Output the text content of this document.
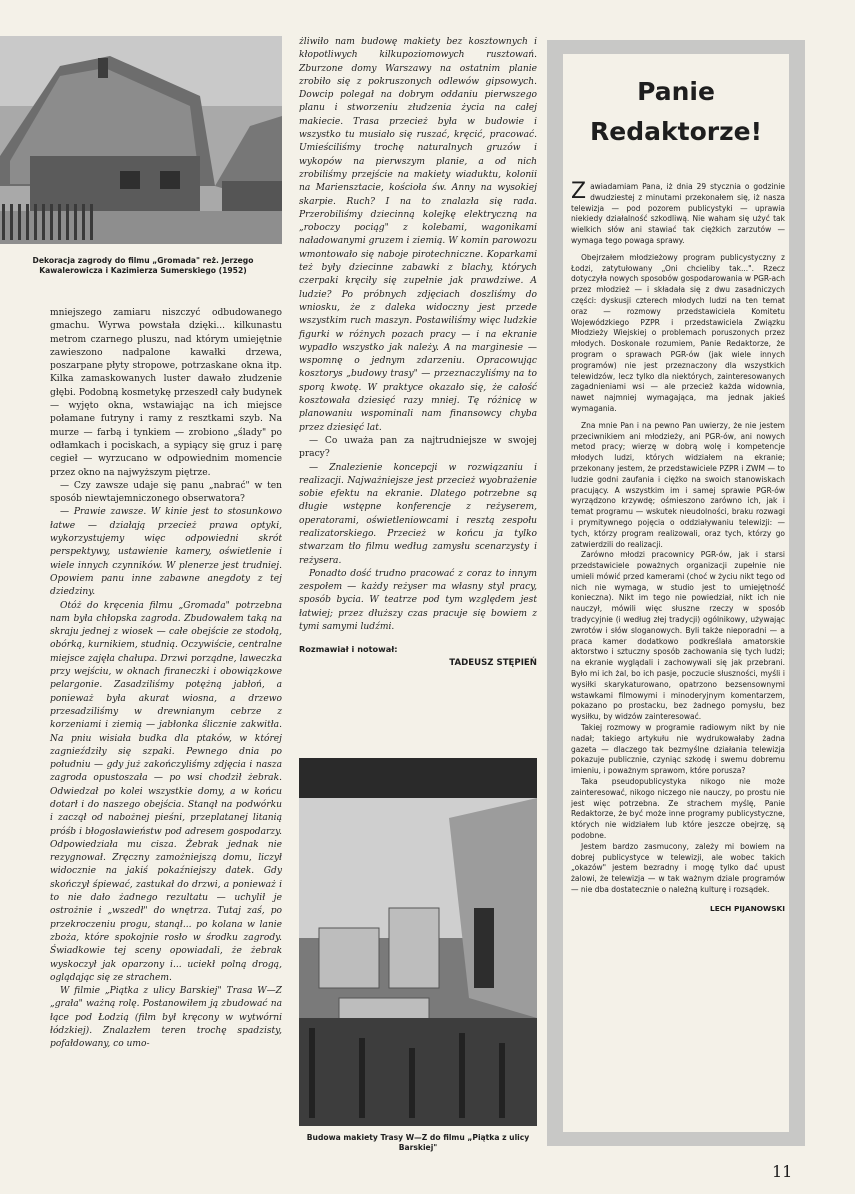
Dekoracja zagrody do filmu „Gromada" reż. Jerzego Kawalerowicza i Kazimierza Sumerskiego (1952)

mniejszego zamiaru niszczyć odbudowanego gmachu. Wyrwa powstała dzięki... kilkunastu metrom czarnego pluszu, nad którym umiejętnie zawieszono nadpalone kawałki drzewa, poszarpane płyty stropowe, potrzaskane okna itp. Kilka zamaskowanych luster dawało złudzenie głębi. Podobną kosmetykę przeszedł cały budynek — wyjęto okna, wstawiając na ich miejsce połamane futryny i ramy z resztkami szyb. Na murze — farbą i tynkiem — zrobiono „ślady" po odłamkach i pociskach, a sypiący się gruz i parę cegieł — wyrzucano w odpowiednim momencie przez okno na najwyższym piętrze.

— Czy zawsze udaje się panu „nabrać" w ten sposób niewtajemniczonego obserwatora?

— Prawie zawsze. W kinie jest to stosunkowo łatwe — działają przecież prawa optyki, wykorzystujemy więc odpowiedni skrót perspektywy, ustawienie kamery, oświetlenie i wiele innych czynników. W plenerze jest trudniej. Opowiem panu inne zabawne anegdoty z tej dziedziny.

Otóż do kręcenia filmu „Gromada" potrzebna nam była chłopska zagroda. Zbudowałem taką na skraju jednej z wiosek — całe obejście ze stodołą, obórką, kurnikiem, studnią. Oczywiście, centralne miejsce zajęła chałupa. Drzwi porządne, laweczka przy wejściu, w oknach firaneczki i obowiązkowe pelargonie. Zasadziliśmy potężną jabłoń, a ponieważ była akurat wiosna, a drzewo przesadziliśmy w drewnianym cebrze z korzeniami i ziemią — jabłonka ślicznie zakwitła. Na pniu wisiała budka dla ptaków, w której zagnieździły się szpaki. Pewnego dnia po południu — gdy już zakończyliśmy zdjęcia i nasza zagroda opustoszała — po wsi chodził żebrak. Odwiedzał po kolei wszystkie domy, a w końcu dotarł i do naszego obejścia. Stanął na podwórku i zaczął od nabożnej pieśni, przeplatanej litanią próśb i błogosławieństw pod adresem gospodarzy. Odpowiedziała mu cisza. Żebrak jednak nie rezygnował. Zręczny zamożniejszą domu, liczył widocznie na jakiś pokaźniejszy datek. Gdy skończył śpiewać, zastukał do drzwi, a ponieważ i to nie dało żadnego rezultatu — uchylił je ostrożnie i „wszedł" do wnętrza. Tutaj zaś, po przekroczeniu progu, stanął... po kolana w lanie zboża, które spokojnie rosło w środku zagrody. Świadkowie tej sceny opowiadali, że żebrak wyskoczył jak oparzony i... uciekł polną drogą, oglądając się ze strachem.

W filmie „Piątka z ulicy Barskiej" Trasa W—Z „grała" ważną rolę. Postanowiłem ją zbudować na łące pod Łodzią (film był kręcony w wytwórni łódzkiej). Znalazłem teren trochę spadzisty, pofałdowany, co umo-

żliwiło nam budowę makiety bez kosztownych i kłopotliwych kilkupoziomowych rusztowań. Zburzone domy Warszawy na ostatnim planie zrobiło się z pokruszonych odlewów gipsowych. Dowcip polegał na dobrym oddaniu pierwszego planu i stworzeniu złudzenia życia na całej makiecie. Trasa przecież była w budowie i wszystko tu musiało się ruszać, kręcić, pracować. Umieściliśmy trochę naturalnych gruzów i wykopów na pierwszym planie, a od nich zrobiliśmy przejście na makiety wiaduktu, kolonii na Mariensztacie, kościoła św. Anny na wysokiej skarpie. Ruch? I na to znalazła się rada. Przerobiliśmy dziecinną kolejkę elektryczną na „roboczy pociąg" z kolebami, wagonikami naładowanymi gruzem i ziemią. W komin parowozu wmontowało się naboje pirotechniczne. Koparkami też były dziecinne zabawki z blachy, których czerpaki kręciły się zupełnie jak prawdziwe. A ludzie? Po próbnych zdjęciach doszliśmy do wniosku, że z daleka widoczny jest przede wszystkim ruch maszyn. Postawiliśmy więc ludzkie figurki w różnych pozach pracy — i na ekranie wypadło wszystko jak należy. A na marginesie — wspomnę o jednym zdarzeniu. Opracowując kosztorys „budowy trasy" — przeznaczyliśmy na to sporą kwotę. W praktyce okazało się, że całość kosztowała dziesięć razy mniej. Tę różnicę w planowaniu wspominali nam finansowcy chyba przez dziesięć lat.

— Co uważa pan za najtrudniejsze w swojej pracy?

— Znalezienie koncepcji w rozwiązaniu i realizacji. Najważniejsze jest przecież wyobrażenie sobie efektu na ekranie. Dlatego potrzebne są długie wstępne konferencje z reżyserem, operatorami, oświetleniowcami i resztą zespołu realizatorskiego. Przecież w końcu ja tylko stwarzam tło filmu według zamysłu scenarzysty i reżysera.

Ponadto dość trudno pracować z coraz to innym zespołem — każdy reżyser ma własny styl pracy, sposób bycia. W teatrze pod tym względem jest łatwiej; przez dłuższy czas pracuje się bowiem z tymi samymi ludźmi.

Rozmawiał i notował:

TADEUSZ STĘPIEŃ

Budowa makiety Trasy W—Z do filmu „Piątka z ulicy Barskiej"

Panie
Redaktorze!

Zawiadamiam Pana, iż dnia 29 stycznia o godzinie dwudziestej z minutami przekonałem się, iż nasza telewizja — pod pozorem publicystyki — uprawia niekiedy działalność szkodliwą. Nie waham się użyć tak wielkich słów ani stawiać tak ciężkich zarzutów — wymaga tego powaga sprawy.

Obejrzałem młodzieżowy program publicystyczny z Łodzi, zatytułowany „Oni chcieliby tak...". Rzecz dotyczyła nowych sposobów gospodarowania w PGR-ach przez młodzież — i składała się z dwu zasadniczych części: dyskusji czterech młodych ludzi na ten temat oraz — rozmowy przedstawiciela Komitetu Wojewódzkiego PZPR i przedstawiciela Związku Młodzieży Wiejskiej o problemach poruszonych przez młodych. Doskonale rozumiem, Panie Redaktorze, że program o sprawach PGR-ów (jak wiele innych programów) nie jest przeznaczony dla wszystkich telewidzów, lecz tylko dla niektórych, zainteresowanych zagadnieniami wsi — ale przecież każda widownia, nawet najmniej wymagająca, ma jednak jakieś wymagania.

Zna mnie Pan i na pewno Pan uwierzy, że nie jestem przeciwnikiem ani młodzieży, ani PGR-ów, ani nowych metod pracy; wierzę w dobrą wolę i kompetencje młodych ludzi, których widziałem na ekranie; przekonany jestem, że przedstawiciele PZPR i ZWM — to ludzie godni zaufania i ciężko na swoich stanowiskach pracujący. A wszystkim im i samej sprawie PGR-ów wyrządzono krzywdę; ośmieszono zarówno ich, jak i temat programu — wskutek nieudolności, braku rozwagi i prymitywnego pojęcia o oddziaływaniu telewizji: — tych, którzy program realizowali, oraz tych, którzy go zatwierdzili do realizacji.

Zarówno młodzi pracownicy PGR-ów, jak i starsi przedstawiciele poważnych organizacji zupełnie nie umieli mówić przed kamerami (choć w życiu nikt tego od nich nie wymaga, w studio jest to umiejętność konieczna). Nikt im tego nie powiedział, nikt ich nie nauczył, mówili więc słuszne rzeczy w sposób tradycyjnie (i według złej tradycji) ogólnikowy, używając zwrotów i słów sloganowych. Byli także nieporadni — a praca kamer dodatkowo podkreślała amatorskie aktorstwo i sztuczny sposób zachowania się tych ludzi; na ekranie wyglądali i zachowywali się jak przebrani. Było mi ich żal, bo ich pasje, poczucie słuszności, myśli i wysiłki skarykaturowano, opatrzono bezsensownymi wstawkami filmowymi i minoderyjnym komentarzem, pokazano po prostacku, bez żadnego pomysłu, bez wysiłku, by widzów zainteresować.

Takiej rozmowy w programie radiowym nikt by nie nadał; takiego artykułu nie wydrukowałaby żadna gazeta — dlaczego tak bezmyślne działania telewizja pokazuje publicznie, czyniąc szkodę i swemu dobremu imieniu, i poważnym sprawom, które porusza?

Taka pseudopublicystyka nikogo nie może zainteresować, nikogo niczego nie nauczy, po prostu nie jest więc potrzebna. Ze strachem myślę, Panie Redaktorze, że być może inne programy publicystyczne, których nie widziałem lub które jeszcze obejrzę, są podobne.

Jestem bardzo zasmucony, zależy mi bowiem na dobrej publicystyce w telewizji, ale wobec takich „okazów" jestem bezradny i mogę tylko dać upust żalowi, że telewizja — w tak ważnym dziale programów — nie dba dostatecznie o należną kulturę i rozsądek.

LECH PIJANOWSKI

11
